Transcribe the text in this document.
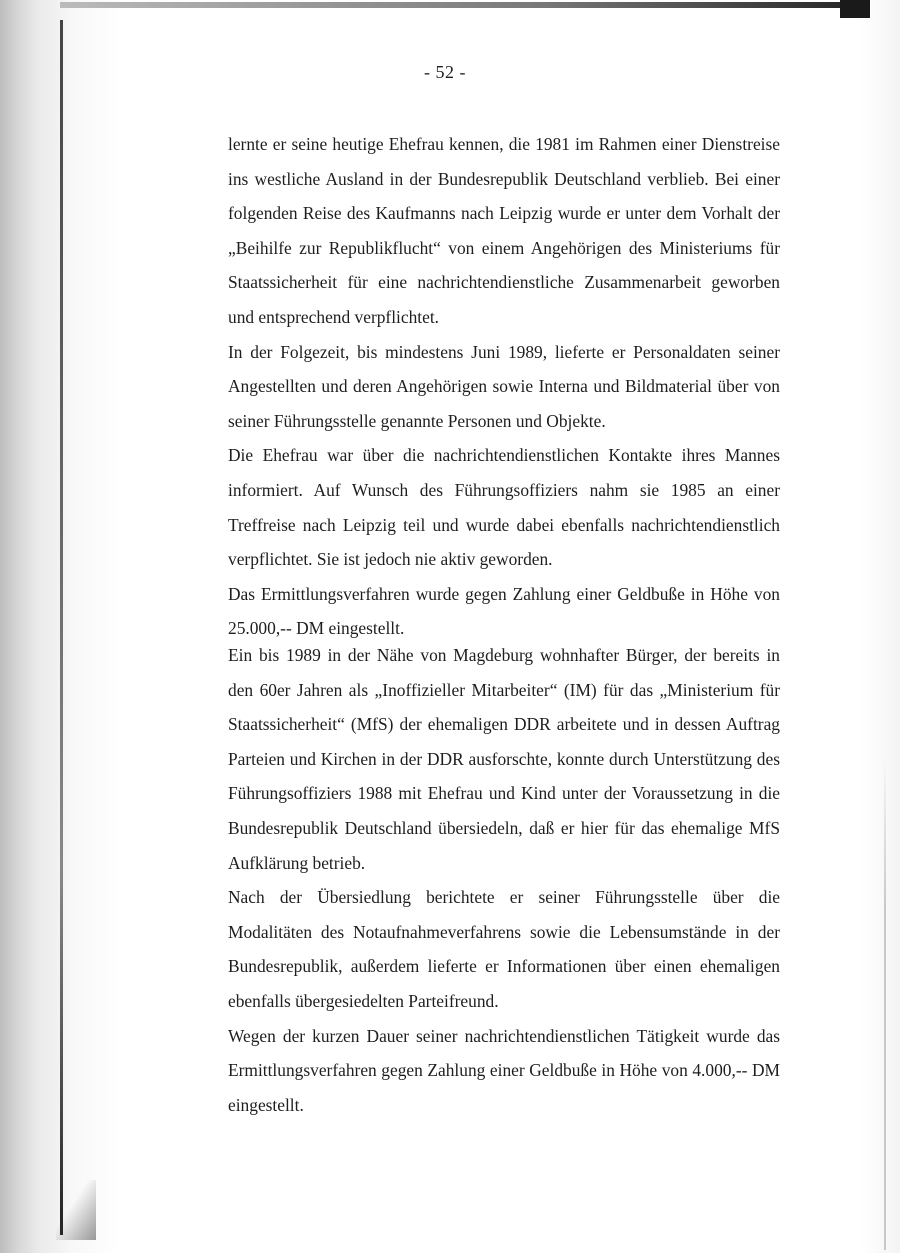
- 52 -

lernte er seine heutige Ehefrau kennen, die 1981 im Rahmen einer Dienstreise ins westliche Ausland in der Bundesrepublik Deutschland verblieb. Bei einer folgenden Reise des Kaufmanns nach Leipzig wurde er unter dem Vorhalt der „Beihilfe zur Republikflucht“ von einem Angehörigen des Ministeriums für Staatssicherheit für eine nachrichtendienstliche Zusammenarbeit geworben und entsprechend verpflichtet.

In der Folgezeit, bis mindestens Juni 1989, lieferte er Personaldaten seiner Angestellten und deren Angehörigen sowie Interna und Bildmaterial über von seiner Führungsstelle genannte Personen und Objekte.

Die Ehefrau war über die nachrichtendienstlichen Kontakte ihres Mannes informiert. Auf Wunsch des Führungsoffiziers nahm sie 1985 an einer Treffreise nach Leipzig teil und wurde dabei ebenfalls nachrichtendienstlich verpflichtet. Sie ist jedoch nie aktiv geworden.

Das Ermittlungsverfahren wurde gegen Zahlung einer Geldbuße in Höhe von 25.000,-- DM eingestellt.

Ein bis 1989 in der Nähe von Magdeburg wohnhafter Bürger, der bereits in den 60er Jahren als „Inoffizieller Mitarbeiter“ (IM) für das „Ministerium für Staatssicherheit“ (MfS) der ehemaligen DDR arbeitete und in dessen Auftrag Parteien und Kirchen in der DDR ausforschte, konnte durch Unterstützung des Führungsoffiziers 1988 mit Ehefrau und Kind unter der Voraussetzung in die Bundesrepublik Deutschland übersiedeln, daß er hier für das ehemalige MfS Aufklärung betrieb.

Nach der Übersiedlung berichtete er seiner Führungsstelle über die Modalitäten des Notaufnahmeverfahrens sowie die Lebensumstände in der Bundesrepublik, außerdem lieferte er Informationen über einen ehemaligen ebenfalls übergesiedelten Parteifreund.

Wegen der kurzen Dauer seiner nachrichtendienstlichen Tätigkeit wurde das Ermittlungsverfahren gegen Zahlung einer Geldbuße in Höhe von 4.000,-- DM eingestellt.
